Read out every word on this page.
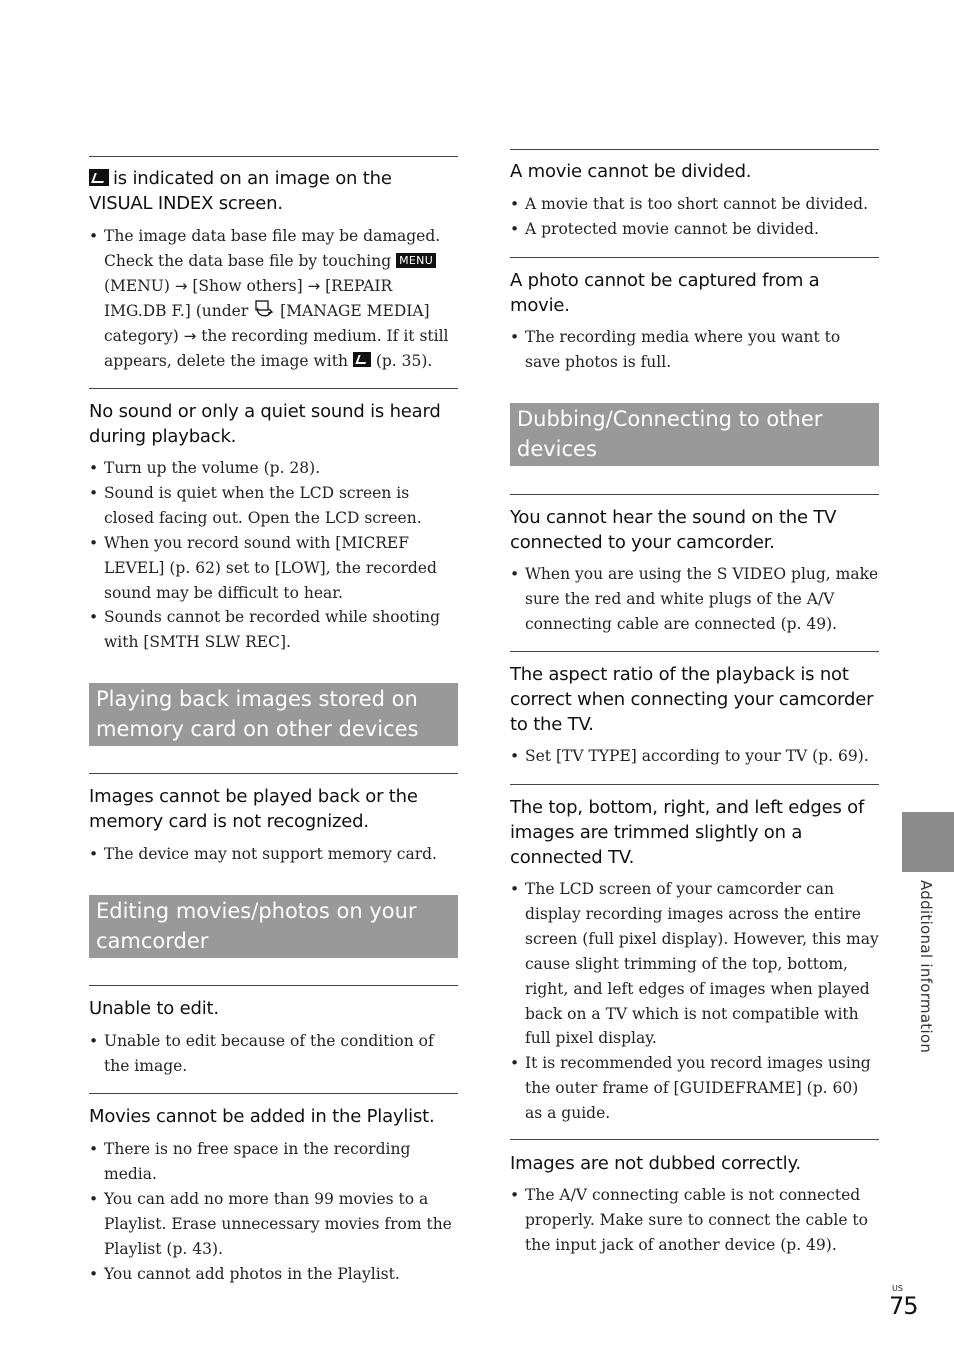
is indicated on an image on the VISUAL INDEX screen.
• The image data base file may be damaged. Check the data base file by touching MENU (MENU) → [Show others] → [REPAIR IMG.DB F.] (under [MANAGE MEDIA] category) → the recording medium. If it still appears, delete the image with (p. 35).
No sound or only a quiet sound is heard during playback.
• Turn up the volume (p. 28).
• Sound is quiet when the LCD screen is closed facing out. Open the LCD screen.
• When you record sound with [MICREF LEVEL] (p. 62) set to [LOW], the recorded sound may be difficult to hear.
• Sounds cannot be recorded while shooting with [SMTH SLW REC].
Playing back images stored on memory card on other devices
Images cannot be played back or the memory card is not recognized.
• The device may not support memory card.
Editing movies/photos on your camcorder
Unable to edit.
• Unable to edit because of the condition of the image.
Movies cannot be added in the Playlist.
• There is no free space in the recording media.
• You can add no more than 99 movies to a Playlist. Erase unnecessary movies from the Playlist (p. 43).
• You cannot add photos in the Playlist.
A movie cannot be divided.
• A movie that is too short cannot be divided.
• A protected movie cannot be divided.
A photo cannot be captured from a movie.
• The recording media where you want to save photos is full.
Dubbing/Connecting to other devices
You cannot hear the sound on the TV connected to your camcorder.
• When you are using the S VIDEO plug, make sure the red and white plugs of the A/V connecting cable are connected (p. 49).
The aspect ratio of the playback is not correct when connecting your camcorder to the TV.
• Set [TV TYPE] according to your TV (p. 69).
The top, bottom, right, and left edges of images are trimmed slightly on a connected TV.
• The LCD screen of your camcorder can display recording images across the entire screen (full pixel display). However, this may cause slight trimming of the top, bottom, right, and left edges of images when played back on a TV which is not compatible with full pixel display.
• It is recommended you record images using the outer frame of [GUIDEFRAME] (p. 60) as a guide.
Images are not dubbed correctly.
• The A/V connecting cable is not connected properly. Make sure to connect the cable to the input jack of another device (p. 49).
Additional information
US
75
